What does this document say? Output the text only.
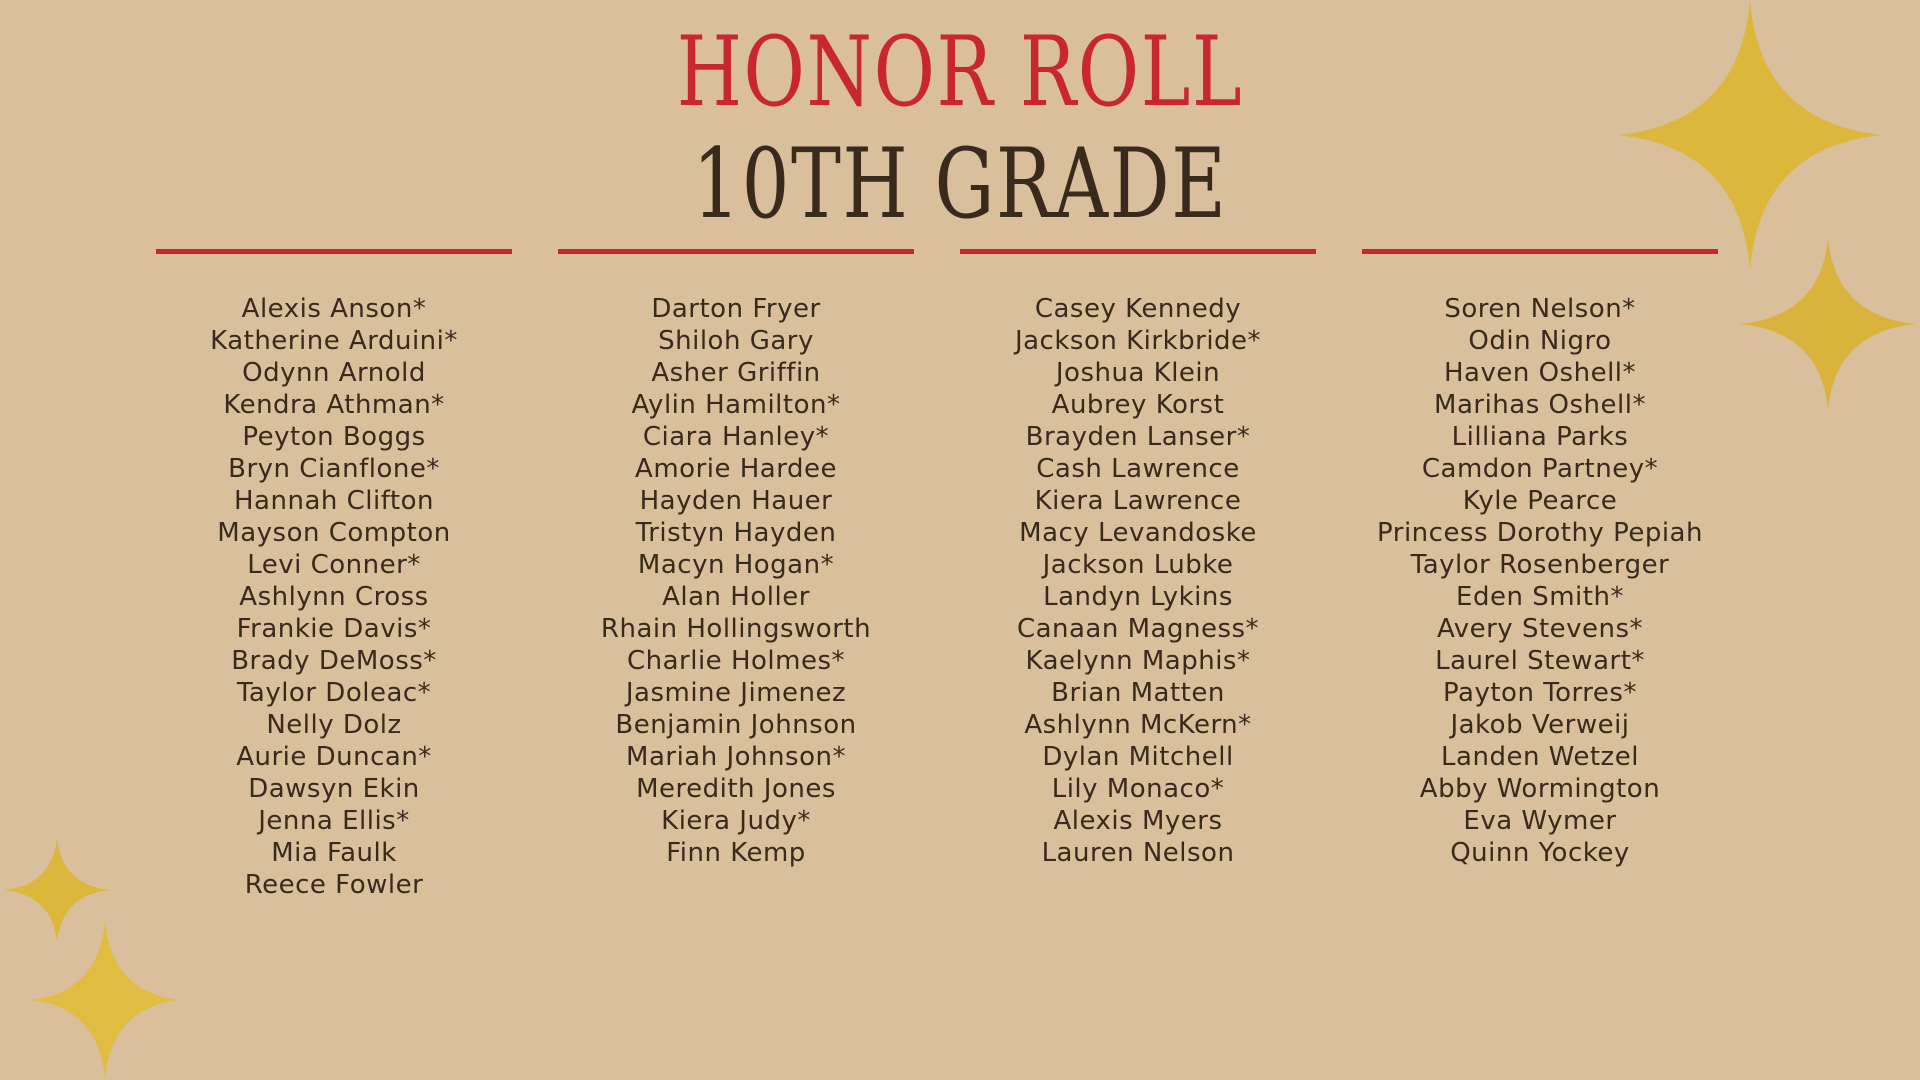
HONOR ROLL
10TH GRADE
Alexis Anson*
Katherine Arduini*
Odynn Arnold
Kendra Athman*
Peyton Boggs
Bryn Cianflone*
Hannah Clifton
Mayson Compton
Levi Conner*
Ashlynn Cross
Frankie Davis*
Brady DeMoss*
Taylor Doleac*
Nelly Dolz
Aurie Duncan*
Dawsyn Ekin
Jenna Ellis*
Mia Faulk
Reece Fowler
Darton Fryer
Shiloh Gary
Asher Griffin
Aylin Hamilton*
Ciara Hanley*
Amorie Hardee
Hayden Hauer
Tristyn Hayden
Macyn Hogan*
Alan Holler
Rhain Hollingsworth
Charlie Holmes*
Jasmine Jimenez
Benjamin Johnson
Mariah Johnson*
Meredith Jones
Kiera Judy*
Finn Kemp
Casey Kennedy
Jackson Kirkbride*
Joshua Klein
Aubrey Korst
Brayden Lanser*
Cash Lawrence
Kiera Lawrence
Macy Levandoske
Jackson Lubke
Landyn Lykins
Canaan Magness*
Kaelynn Maphis*
Brian Matten
Ashlynn McKern*
Dylan Mitchell
Lily Monaco*
Alexis Myers
Lauren Nelson
Soren Nelson*
Odin Nigro
Haven Oshell*
Marihas Oshell*
Lilliana Parks
Camdon Partney*
Kyle Pearce
Princess Dorothy Pepiah
Taylor Rosenberger
Eden Smith*
Avery Stevens*
Laurel Stewart*
Payton Torres*
Jakob Verweij
Landen Wetzel
Abby Wormington
Eva Wymer
Quinn Yockey
